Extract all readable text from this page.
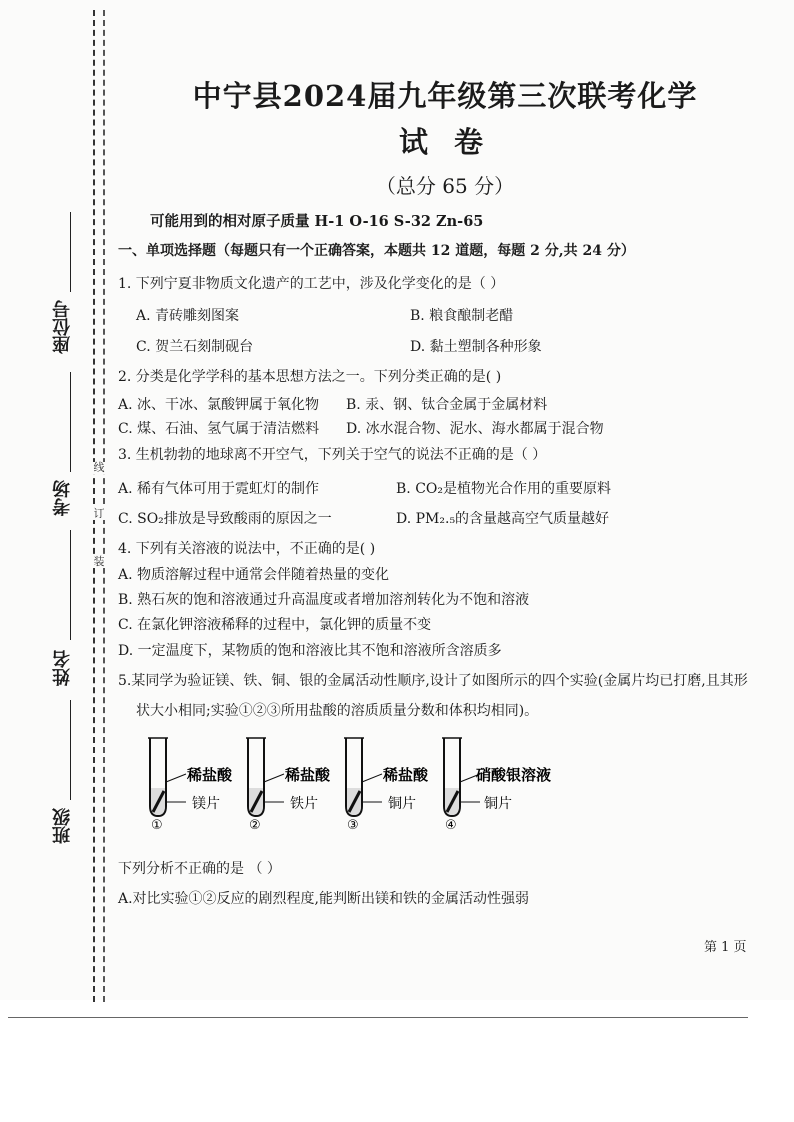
线
订
装
座位号
考场
姓名
班级
中宁县2024届九年级第三次联考化学
试 卷
（总分 65 分）
可能用到的相对原子质量 H-1 O-16 S-32 Zn-65
一、单项选择题（每题只有一个正确答案，本题共 12 道题，每题 2 分,共 24 分）
1. 下列宁夏非物质文化遗产的工艺中，涉及化学变化的是（ ）
A. 青砖雕刻图案	B. 粮食酿制老醋
C. 贺兰石刻制砚台	D. 黏土塑制各种形象
2. 分类是化学学科的基本思想方法之一。下列分类正确的是( )
A. 冰、干冰、氯酸钾属于氧化物 B. 汞、钢、钛合金属于金属材料
C. 煤、石油、氢气属于清洁燃料 D. 冰水混合物、泥水、海水都属于混合物
3. 生机勃勃的地球离不开空气，下列关于空气的说法不正确的是（ ）
A. 稀有气体可用于霓虹灯的制作	B. CO₂是植物光合作用的重要原料
C. SO₂排放是导致酸雨的原因之一	D. PM₂.₅的含量越高空气质量越好
4. 下列有关溶液的说法中，不正确的是( )
A. 物质溶解过程中通常会伴随着热量的变化
B. 熟石灰的饱和溶液通过升高温度或者增加溶剂转化为不饱和溶液
C. 在氯化钾溶液稀释的过程中，氯化钾的质量不变
D. 一定温度下，某物质的饱和溶液比其不饱和溶液所含溶质多
5.某同学为验证镁、铁、铜、银的金属活动性顺序,设计了如图所示的四个实验(金属片均已打磨,且其形
状大小相同;实验①②③所用盐酸的溶质质量分数和体积均相同)。
稀盐酸
镁片
①
稀盐酸
铁片
②
稀盐酸
铜片
③
硝酸银溶液
铜片
④
下列分析不正确的是 （ ）
A.对比实验①②反应的剧烈程度,能判断出镁和铁的金属活动性强弱
第 1 页
